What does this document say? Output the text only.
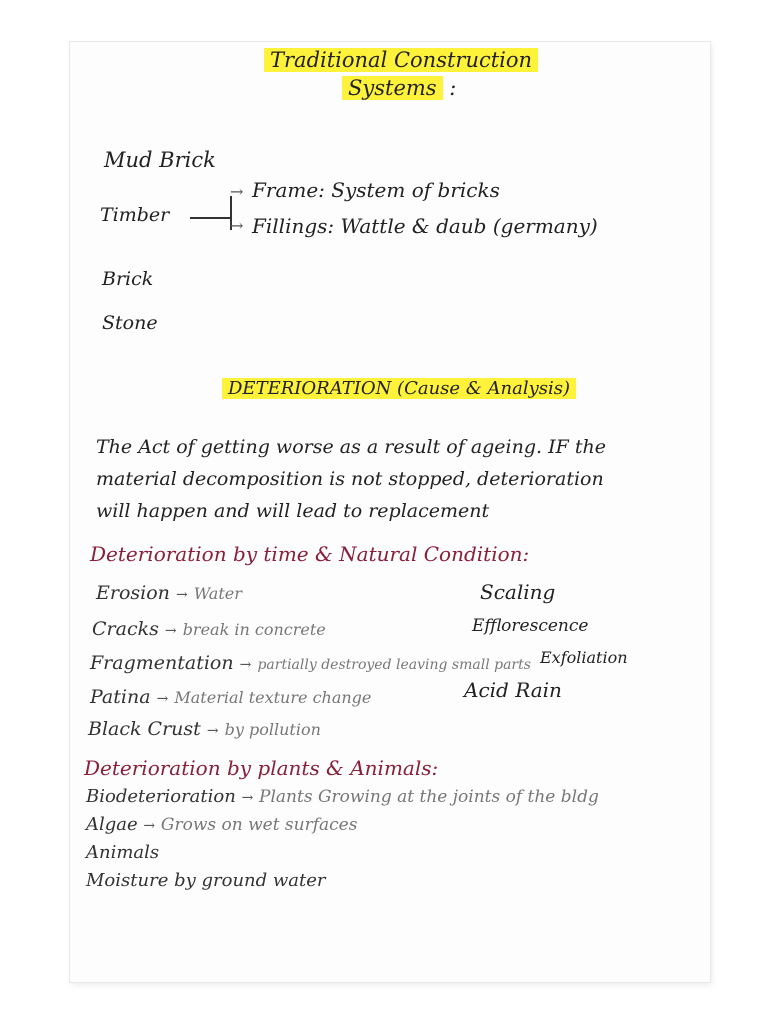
Traditional Construction
Systems :
Mud Brick
Timber
→
→
Frame: System of bricks
Fillings: Wattle & daub (germany)
Brick
Stone
DETERIORATION (Cause & Analysis)
The Act of getting worse as a result of ageing. IF the
material decomposition is not stopped, deterioration
will happen and will lead to replacement
Deterioration by time & Natural Condition:
Erosion → Water
Cracks → break in concrete
Fragmentation → partially destroyed leaving small parts
Patina → Material texture change
Black Crust → by pollution
Scaling
Efflorescence
Exfoliation
Acid Rain
Deterioration by plants & Animals:
Biodeterioration → Plants Growing at the joints of the bldg
Algae → Grows on wet surfaces
Animals
Moisture by ground water
